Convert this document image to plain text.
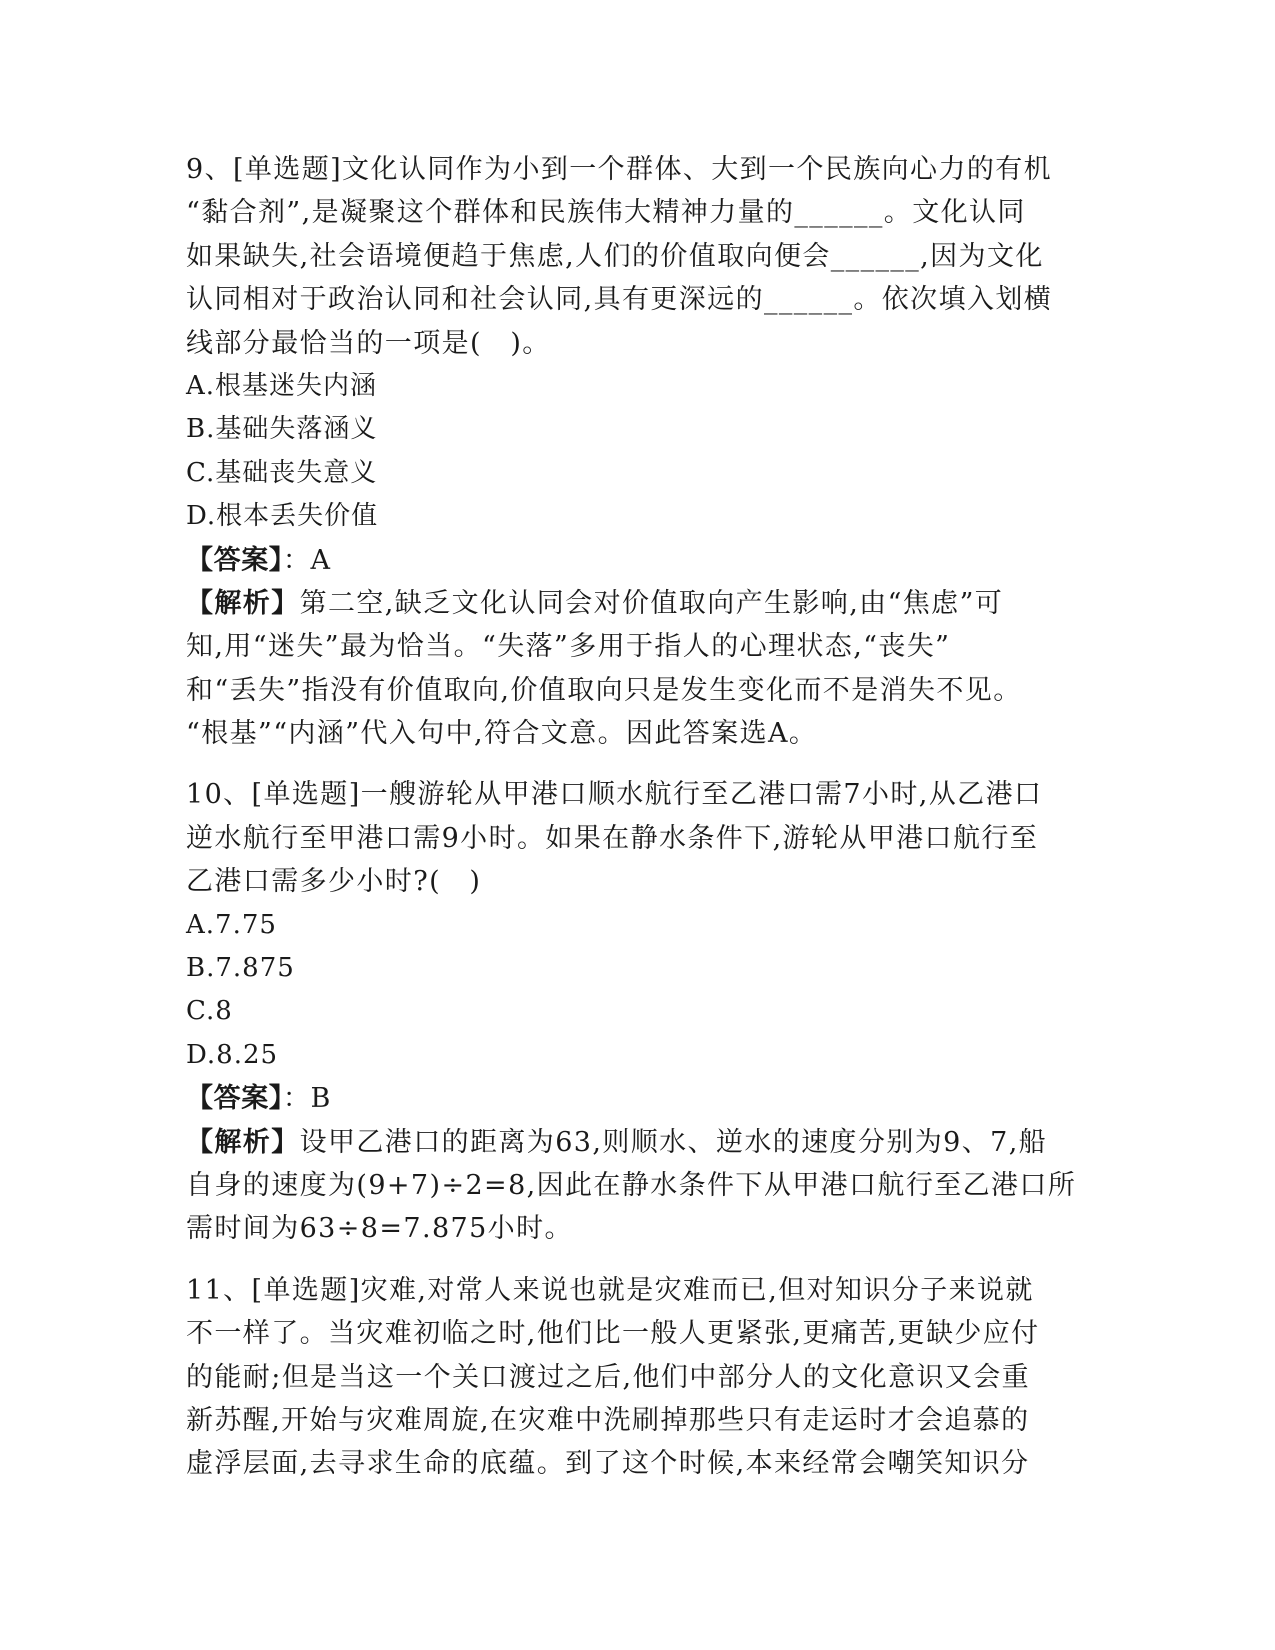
9、[单选题]文化认同作为小到一个群体、大到一个民族向心力的有机
“黏合剂”,是凝聚这个群体和民族伟大精神力量的______。文化认同
如果缺失,社会语境便趋于焦虑,人们的价值取向便会______,因为文化
认同相对于政治认同和社会认同,具有更深远的______。依次填入划横
线部分最恰当的一项是(　)。
A.根基迷失内涵
B.基础失落涵义
C.基础丧失意义
D.根本丢失价值
【答案】：A
【解析】第二空,缺乏文化认同会对价值取向产生影响,由“焦虑”可
知,用“迷失”最为恰当。“失落”多用于指人的心理状态,“丧失”
和“丢失”指没有价值取向,价值取向只是发生变化而不是消失不见。
“根基”“内涵”代入句中,符合文意。因此答案选A。
10、[单选题]一艘游轮从甲港口顺水航行至乙港口需7小时,从乙港口
逆水航行至甲港口需9小时。如果在静水条件下,游轮从甲港口航行至
乙港口需多少小时?(　)
A.7.75
B.7.875
C.8
D.8.25
【答案】：B
【解析】设甲乙港口的距离为63,则顺水、逆水的速度分别为9、7,船
自身的速度为(9+7)÷2=8,因此在静水条件下从甲港口航行至乙港口所
需时间为63÷8=7.875小时。
11、[单选题]灾难,对常人来说也就是灾难而已,但对知识分子来说就
不一样了。当灾难初临之时,他们比一般人更紧张,更痛苦,更缺少应付
的能耐;但是当这一个关口渡过之后,他们中部分人的文化意识又会重
新苏醒,开始与灾难周旋,在灾难中洗刷掉那些只有走运时才会追慕的
虚浮层面,去寻求生命的底蕴。到了这个时候,本来经常会嘲笑知识分
